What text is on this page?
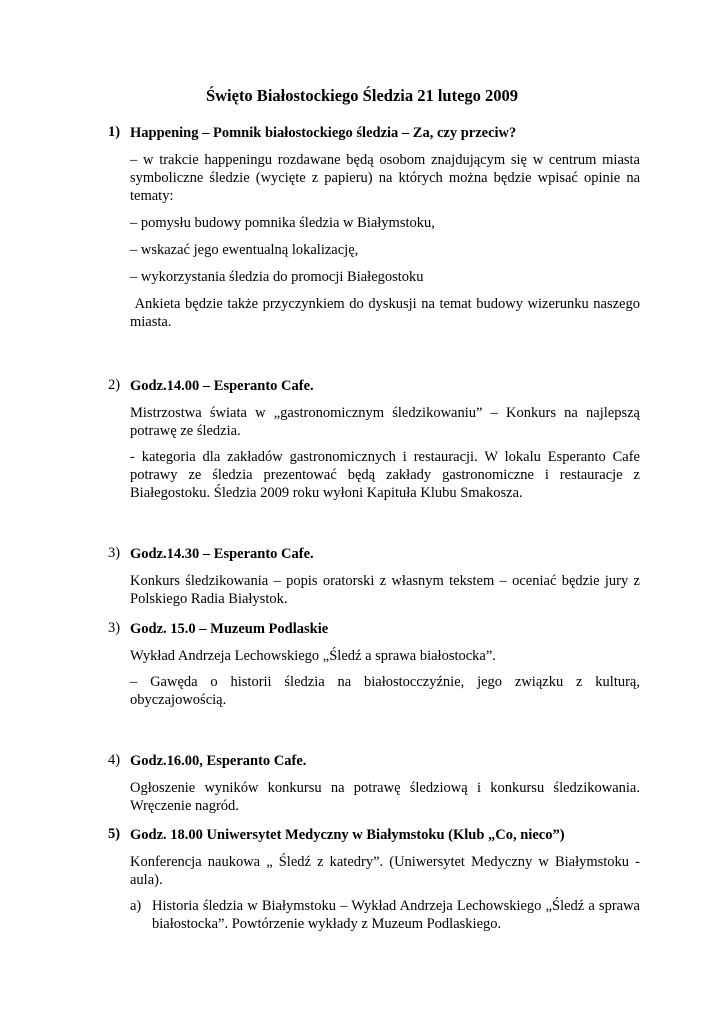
Święto Białostockiego Śledzia 21 lutego 2009
1) Happening – Pomnik białostockiego śledzia – Za, czy przeciw?
– w trakcie happeningu rozdawane będą osobom znajdującym się w centrum miasta symboliczne śledzie (wycięte z papieru) na których można będzie wpisać opinie na tematy:
– pomysłu budowy pomnika śledzia w Białymstoku,
– wskazać jego ewentualną lokalizację,
– wykorzystania śledzia do promocji Białegostoku
Ankieta będzie także przyczynkiem do dyskusji na temat budowy wizerunku naszego miasta.
2) Godz.14.00 – Esperanto Cafe.
Mistrzostwa świata w „gastronomicznym śledzikowaniu” – Konkurs na najlepszą potrawę ze śledzia.
- kategoria dla zakładów gastronomicznych i restauracji. W lokalu Esperanto Cafe potrawy ze śledzia prezentować będą zakłady gastronomiczne i restauracje z Białegostoku. Śledzia 2009 roku wyłoni Kapituła Klubu Smakosza.
3) Godz.14.30 – Esperanto Cafe.
Konkurs śledzikowania – popis oratorski z własnym tekstem – oceniać będzie jury z Polskiego Radia Białystok.
3) Godz. 15.0 – Muzeum Podlaskie
Wykład Andrzeja Lechowskiego „Śledź a sprawa białostocka”.
– Gawęda o historii śledzia na białostocczyźnie, jego związku z kulturą, obyczajowością.
4) Godz.16.00, Esperanto Cafe.
Ogłoszenie wyników konkursu na potrawę śledziową i konkursu śledzikowania. Wręczenie nagród.
5) Godz. 18.00 Uniwersytet Medyczny w Białymstoku (Klub „Co, nieco”)
Konferencja naukowa „ Śledź z katedry”. (Uniwersytet Medyczny w Białymstoku - aula).
a) Historia śledzia w Białymstoku – Wykład Andrzeja Lechowskiego „Śledź a sprawa białostocka”. Powtórzenie wykłady z Muzeum Podlaskiego.
